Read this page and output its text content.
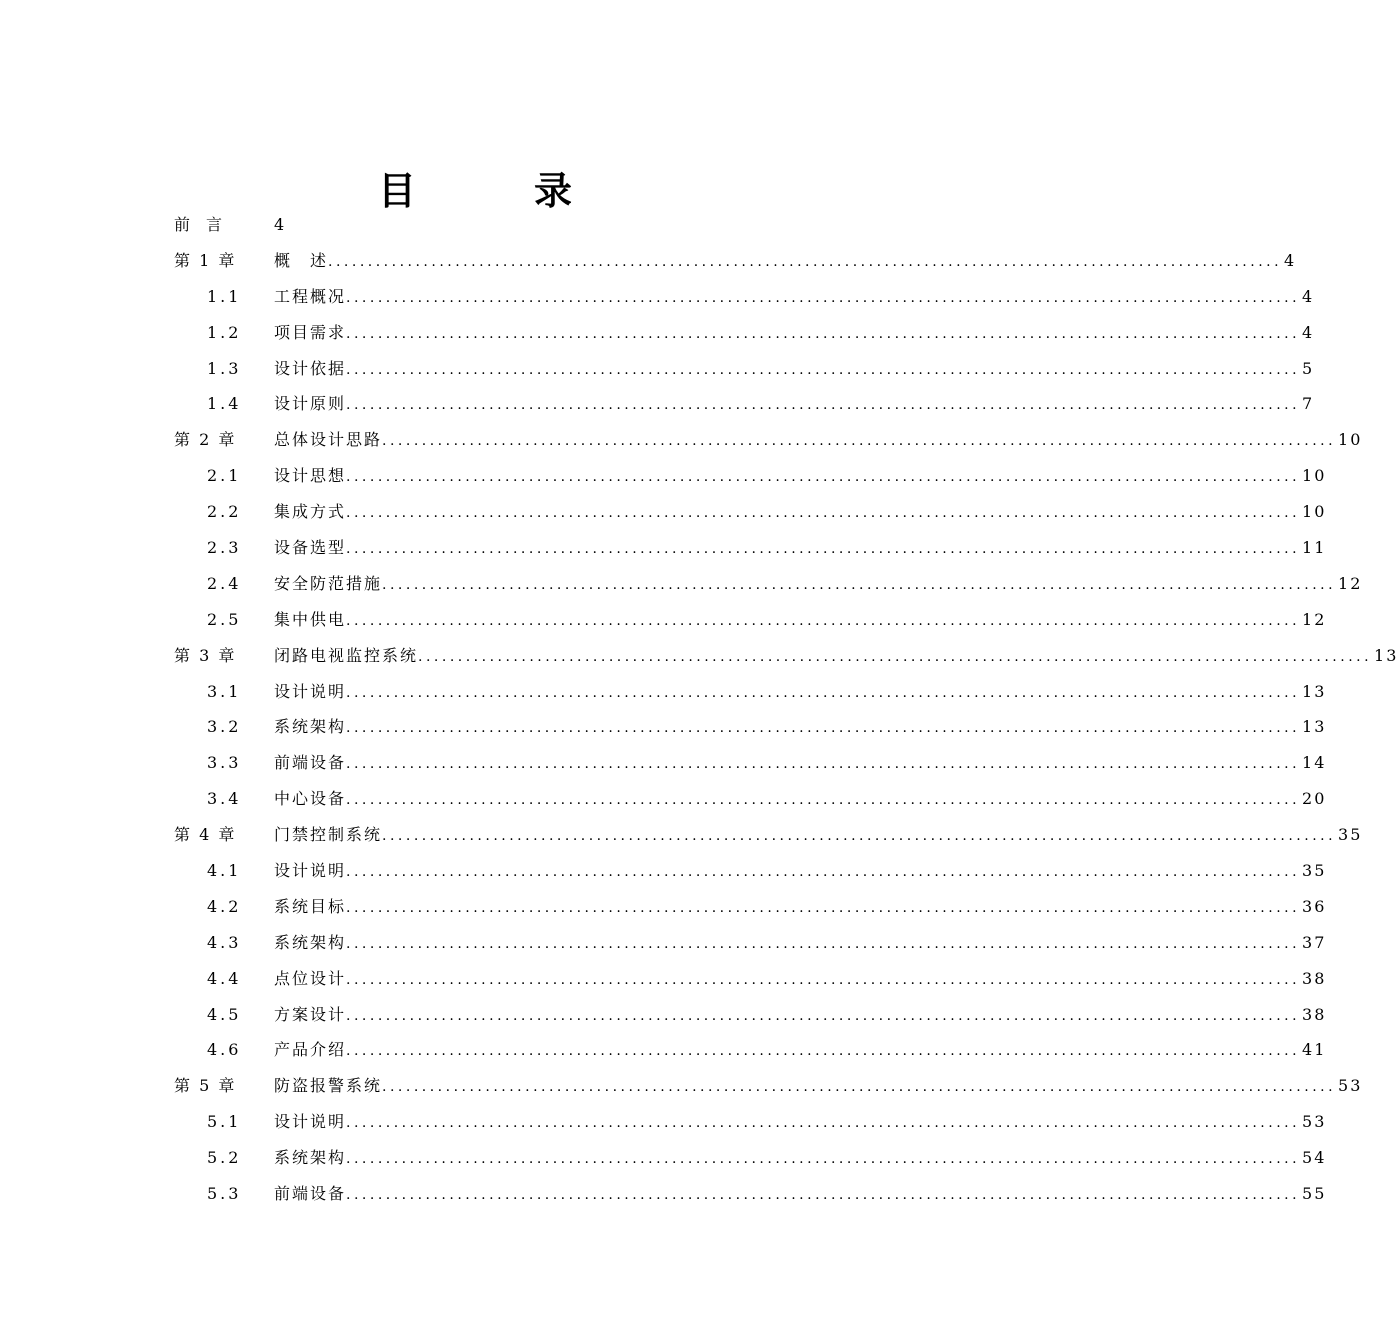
目　录
前　言	4
第 1 章 概　述 ........................................................................................................................ 4
1.1 工程概况 ........................................................................................................................ 4
1.2 项目需求 ........................................................................................................................ 4
1.3 设计依据 ........................................................................................................................ 5
1.4 设计原则 ........................................................................................................................ 7
第 2 章 总体设计思路 ........................................................................................................................ 10
2.1 设计思想 ........................................................................................................................ 10
2.2 集成方式 ........................................................................................................................ 10
2.3 设备选型 ........................................................................................................................ 11
2.4 安全防范措施 ........................................................................................................................ 12
2.5 集中供电 ........................................................................................................................ 12
第 3 章 闭路电视监控系统 ........................................................................................................................ 13
3.1 设计说明 ........................................................................................................................ 13
3.2 系统架构 ........................................................................................................................ 13
3.3 前端设备 ........................................................................................................................ 14
3.4 中心设备 ........................................................................................................................ 20
第 4 章 门禁控制系统 ........................................................................................................................ 35
4.1 设计说明 ........................................................................................................................ 35
4.2 系统目标 ........................................................................................................................ 36
4.3 系统架构 ........................................................................................................................ 37
4.4 点位设计 ........................................................................................................................ 38
4.5 方案设计 ........................................................................................................................ 38
4.6 产品介绍 ........................................................................................................................ 41
第 5 章 防盗报警系统 ........................................................................................................................ 53
5.1 设计说明 ........................................................................................................................ 53
5.2 系统架构 ........................................................................................................................ 54
5.3 前端设备 ........................................................................................................................ 55
